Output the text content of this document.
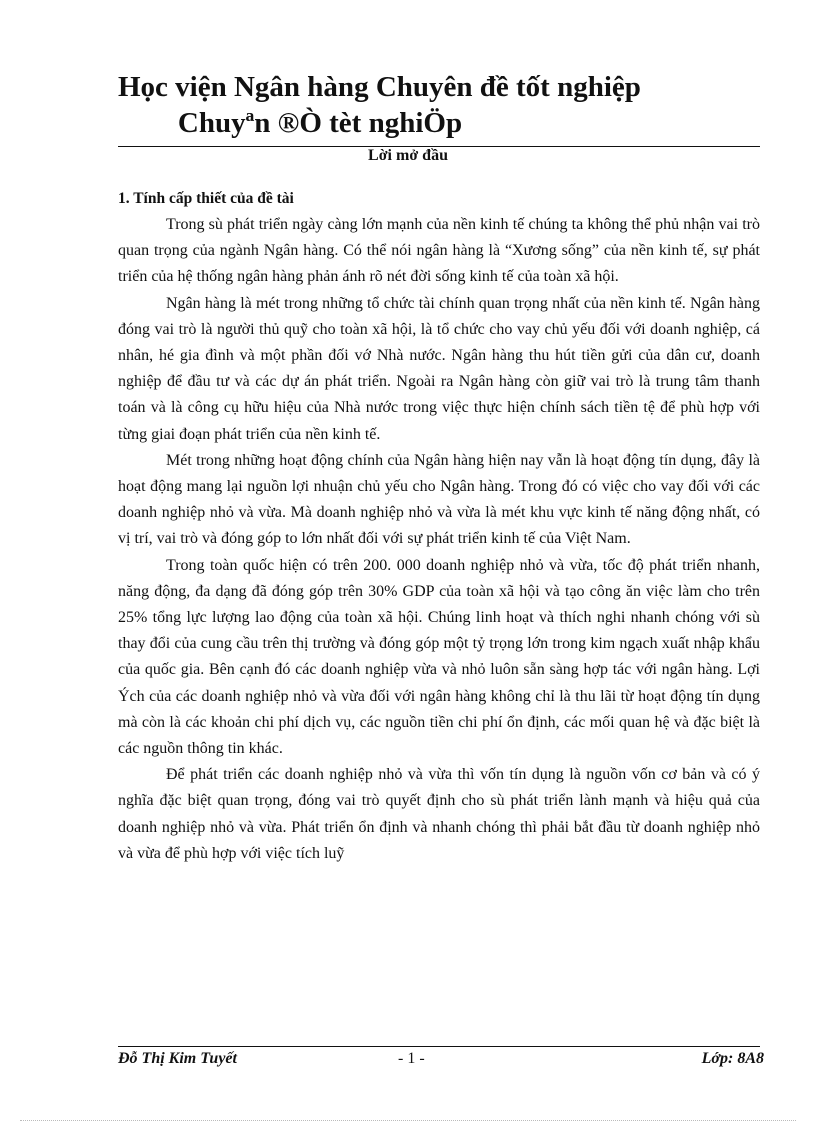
Học viện Ngân hàng Chuyên đề tốt nghiệp
Chuyªn ®Ò tèt nghiÖp
Lời mở đầu
1. Tính cấp thiết của đề tài

Trong sù phát triển ngày càng lớn mạnh của nền kinh tế chúng ta không thể phủ nhận vai trò quan trọng của ngành Ngân hàng. Có thể nói ngân hàng là “Xương sống” của nền kinh tế, sự phát triển của hệ thống ngân hàng phản ánh rõ nét đời sống kinh tế của toàn xã hội.

Ngân hàng là mét trong những tổ chức tài chính quan trọng nhất của nền kinh tế. Ngân hàng đóng vai trò là người thủ quỹ cho toàn xã hội, là tổ chức cho vay chủ yếu đối với doanh nghiệp, cá nhân, hé gia đình và một phần đối vớ Nhà nước. Ngân hàng thu hút tiền gửi của dân cư, doanh nghiệp để đầu tư và các dự án phát triển. Ngoài ra Ngân hàng còn giữ vai trò là trung tâm thanh toán và là công cụ hữu hiệu của Nhà nước trong việc thực hiện chính sách tiền tệ để phù hợp với từng giai đoạn phát triển của nền kinh tế.

Mét trong những hoạt động chính của Ngân hàng hiện nay vẫn là hoạt động tín dụng, đây là hoạt động mang lại nguồn lợi nhuận chủ yếu cho Ngân hàng. Trong đó có việc cho vay đối với các doanh nghiệp nhỏ và vừa. Mà doanh nghiệp nhỏ và vừa là mét khu vực kinh tế năng động nhất, có vị trí, vai trò và đóng góp to lớn nhất đối với sự phát triển kinh tế của Việt Nam.

Trong toàn quốc hiện có trên 200. 000 doanh nghiệp nhỏ và vừa, tốc độ phát triển nhanh, năng động, đa dạng đã đóng góp trên 30% GDP của toàn xã hội và tạo công ăn việc làm cho trên 25% tổng lực lượng lao động của toàn xã hội. Chúng linh hoạt và thích nghi nhanh chóng với sù thay đổi của cung cầu trên thị trường và đóng góp một tỷ trọng lớn trong kim ngạch xuất nhập khẩu của quốc gia. Bên cạnh đó các doanh nghiệp vừa và nhỏ luôn sẵn sàng hợp tác với ngân hàng. Lợi Ých của các doanh nghiệp nhỏ và vừa đối với ngân hàng không chỉ là thu lãi từ hoạt động tín dụng mà còn là các khoản chi phí dịch vụ, các nguồn tiền chi phí ổn định, các mối quan hệ và đặc biệt là các nguồn thông tin khác.

Để phát triển các doanh nghiệp nhỏ và vừa thì vốn tín dụng là nguồn vốn cơ bản và có ý nghĩa đặc biệt quan trọng, đóng vai trò quyết định cho sù phát triển lành mạnh và hiệu quả của doanh nghiệp nhỏ và vừa. Phát triển ổn định và nhanh chóng thì phải bắt đầu từ doanh nghiệp nhỏ và vừa để phù hợp với việc tích luỹ

Đỗ Thị Kim Tuyết	- 1 -	Lớp: 8A8
